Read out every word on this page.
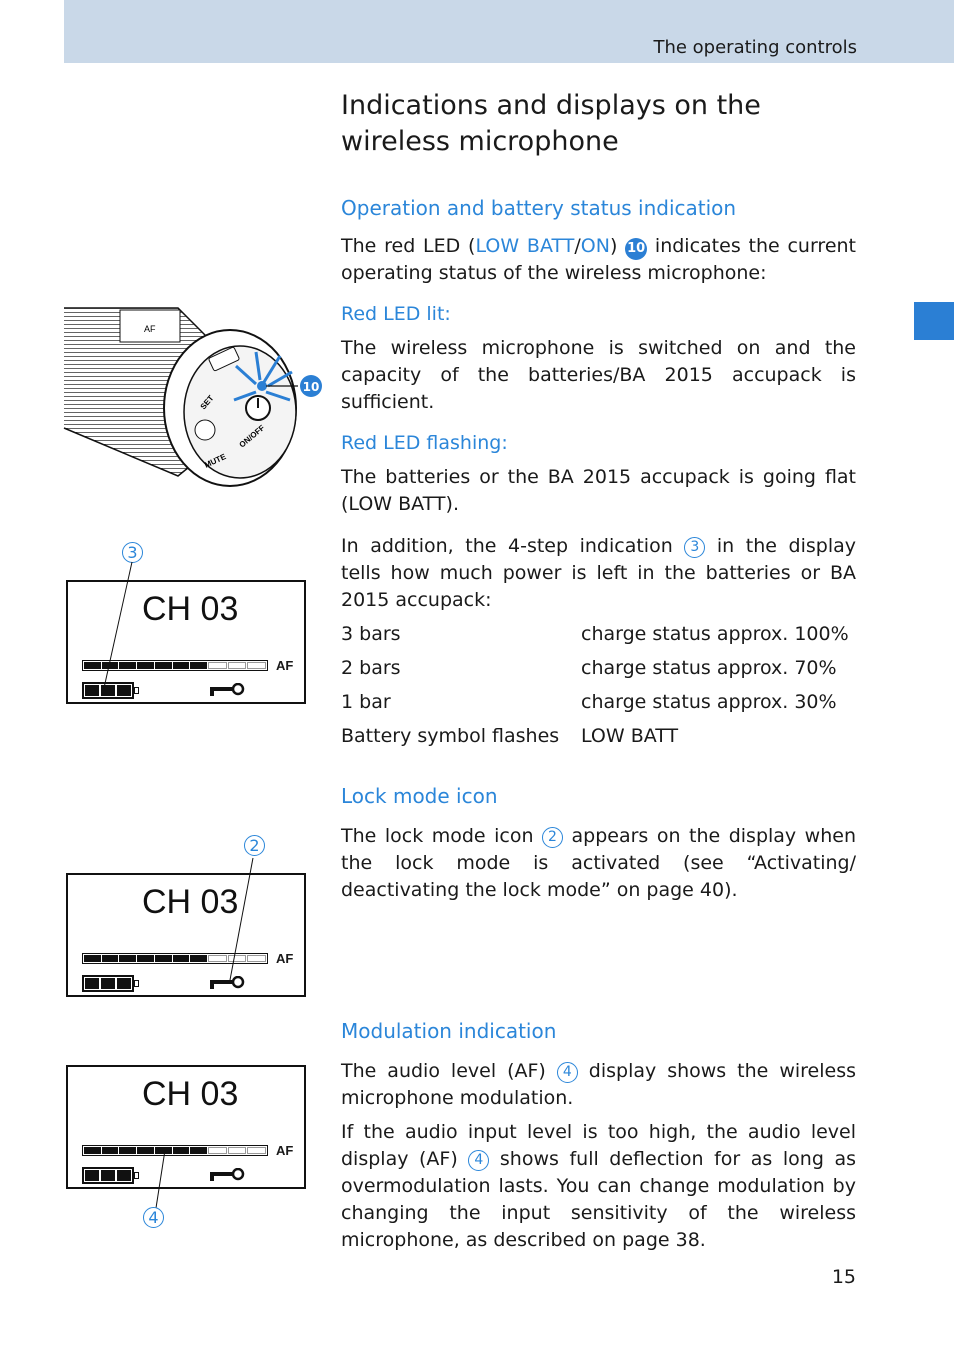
The operating controls
Indications and displays on the wireless microphone
Operation and battery status indication

The red LED (LOW BATT/ON) 10 indicates the current operating status of the wireless microphone:

Red LED lit:

The wireless microphone is switched on and the capacity of the batteries/BA 2015 accupack is sufficient.

Red LED flashing:

The batteries or the BA 2015 accupack is going flat (LOW BATT).

In addition, the 4-step indication 3 in the display tells how much power is left in the batteries or BA 2015 accupack:

3 bars	charge status approx. 100%
2 bars	charge status approx. 70%
1 bar	charge status approx. 30%
Battery symbol flashes LOW BATT
Lock mode icon

The lock mode icon 2 appears on the display when the lock mode is activated (see “Activating/ deactivating the lock mode” on page 40).

Modulation indication

The audio level (AF) 4 display shows the wireless microphone modulation.

If the audio input level is too high, the audio level display (AF) 4 shows full deflection for as long as overmodulation lasts. You can change modulation by changing the input sensitivity of the wireless microphone, as described on page 38.

15
AF
SET
ON/OFF
MUTE
10
3
CH 03
AF
2
CH 03
AF
CH 03
AF
4
